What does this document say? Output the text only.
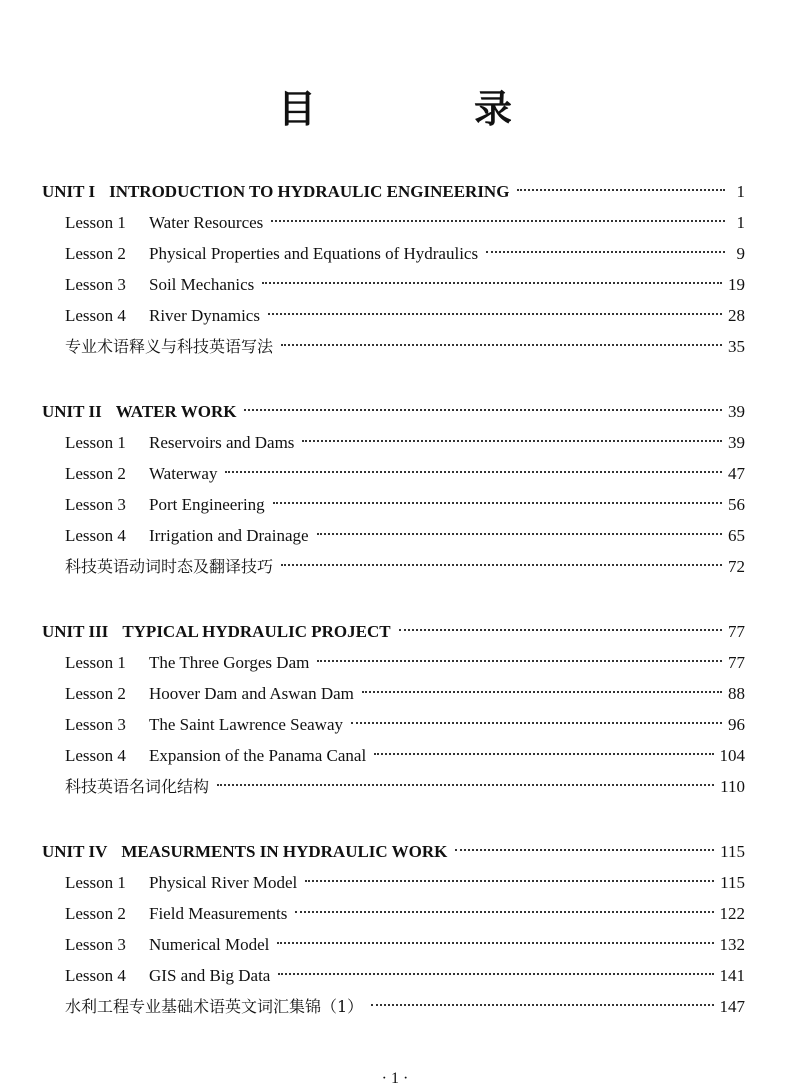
目　录
UNIT I INTRODUCTION TO HYDRAULIC ENGINEERING	1
Lesson 1	Water Resources	1
Lesson 2	Physical Properties and Equations of Hydraulics	9
Lesson 3	Soil Mechanics	19
Lesson 4	River Dynamics	28
专业术语释义与科技英语写法	35
UNIT II WATER WORK	39
Lesson 1	Reservoirs and Dams	39
Lesson 2	Waterway	47
Lesson 3	Port Engineering	56
Lesson 4	Irrigation and Drainage	65
科技英语动词时态及翻译技巧	72
UNIT III TYPICAL HYDRAULIC PROJECT	77
Lesson 1	The Three Gorges Dam	77
Lesson 2	Hoover Dam and Aswan Dam	88
Lesson 3	The Saint Lawrence Seaway	96
Lesson 4	Expansion of the Panama Canal	104
科技英语名词化结构	110
UNIT IV MEASURMENTS IN HYDRAULIC WORK	115
Lesson 1	Physical River Model	115
Lesson 2	Field Measurements	122
Lesson 3	Numerical Model	132
Lesson 4	GIS and Big Data	141
水利工程专业基础术语英文词汇集锦（1）	147
· 1 ·
